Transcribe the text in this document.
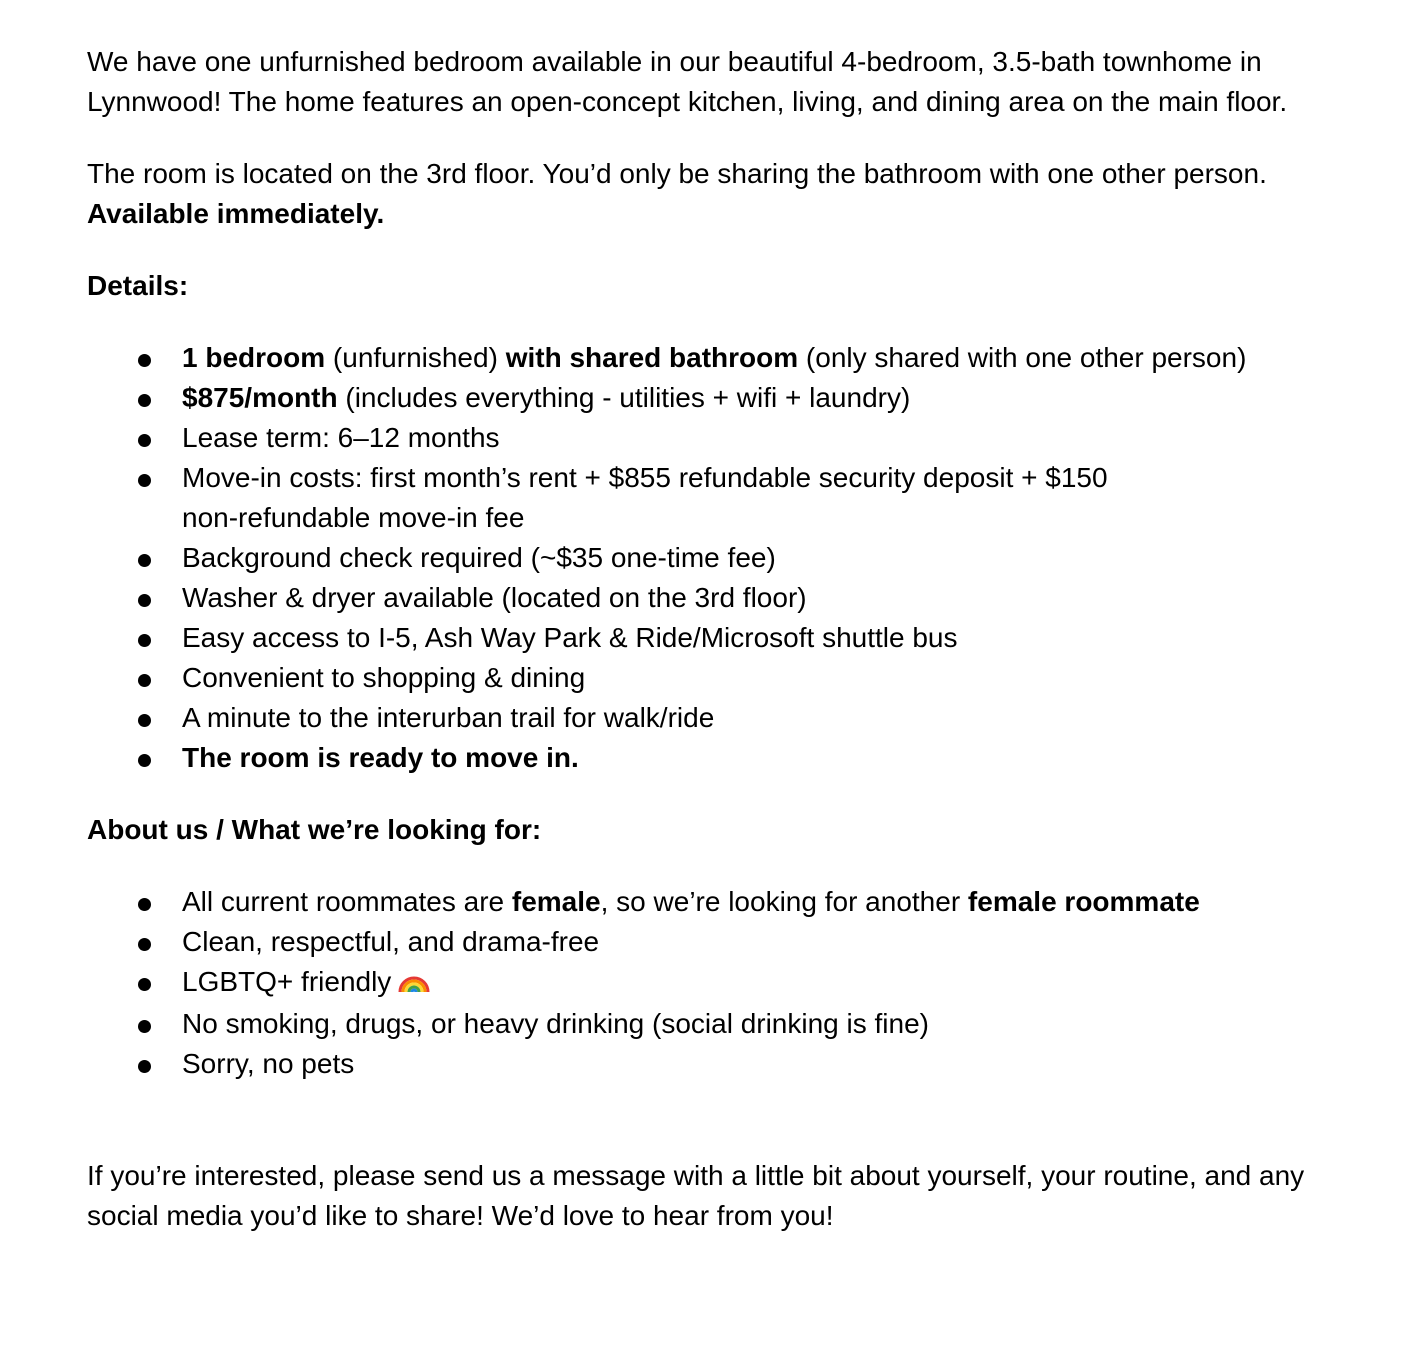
We have one unfurnished bedroom available in our beautiful 4-bedroom, 3.5-bath townhome in Lynnwood! The home features an open-concept kitchen, living, and dining area on the main floor.

The room is located on the 3rd floor. You’d only be sharing the bathroom with one other person.
Available immediately.

Details:

1 bedroom (unfurnished) with shared bathroom (only shared with one other person)
$875/month (includes everything - utilities + wifi + laundry)
Lease term: 6–12 months
Move-in costs: first month’s rent + $855 refundable security deposit + $150
non-refundable move-in fee
Background check required (~$35 one-time fee)
Washer & dryer available (located on the 3rd floor)
Easy access to I-5, Ash Way Park & Ride/Microsoft shuttle bus
Convenient to shopping & dining
A minute to the interurban trail for walk/ride
The room is ready to move in.

About us / What we’re looking for:

All current roommates are female, so we’re looking for another female roommate
Clean, respectful, and drama-free
LGBTQ+ friendly
No smoking, drugs, or heavy drinking (social drinking is fine)
Sorry, no pets

If you’re interested, please send us a message with a little bit about yourself, your routine, and any social media you’d like to share! We’d love to hear from you!
